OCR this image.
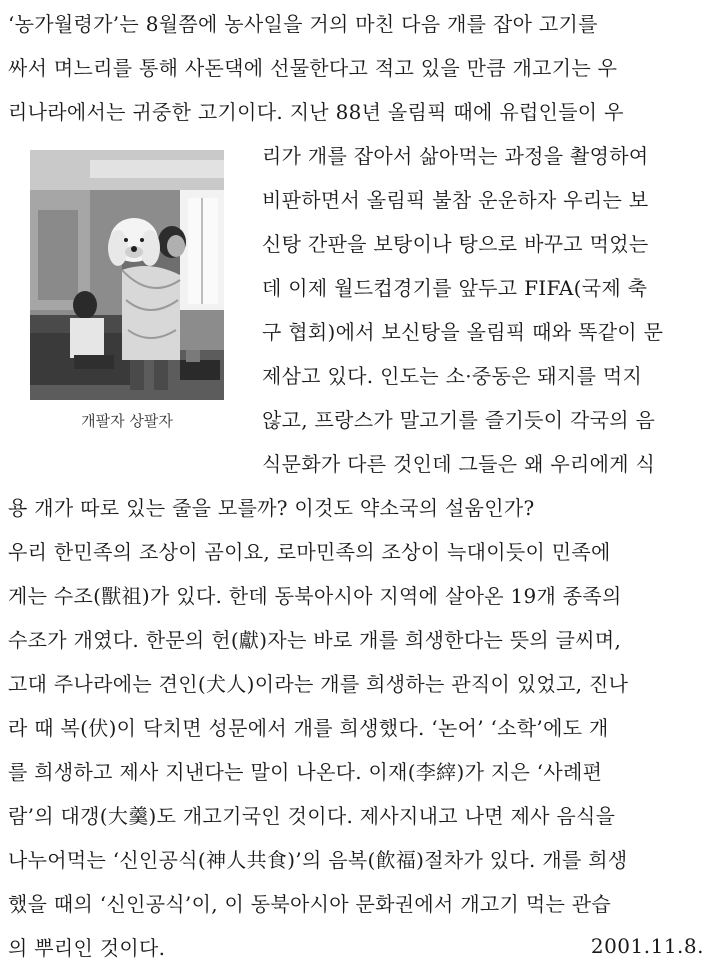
‘농가월령가’는 8월쯤에 농사일을 거의 마친 다음 개를 잡아 고기를
싸서 며느리를 통해 사돈댁에 선물한다고 적고 있을 만큼 개고기는 우
리나라에서는 귀중한 고기이다. 지난 88년 올림픽 때에 유럽인들이 우
리가 개를 잡아서 삶아먹는 과정을 촬영하여
비판하면서 올림픽 불참 운운하자 우리는 보
신탕 간판을 보탕이나 탕으로 바꾸고 먹었는
데 이제 월드컵경기를 앞두고 FIFA(국제 축
구 협회)에서 보신탕을 올림픽 때와 똑같이 문
제삼고 있다. 인도는 소·중동은 돼지를 먹지
않고, 프랑스가 말고기를 즐기듯이 각국의 음
식문화가 다른 것인데 그들은 왜 우리에게 식
용 개가 따로 있는 줄을 모를까? 이것도 약소국의 설움인가?
개팔자 상팔자
우리 한민족의 조상이 곰이요, 로마민족의 조상이 늑대이듯이 민족에
게는 수조(獸祖)가 있다. 한데 동북아시아 지역에 살아온 19개 종족의
수조가 개였다. 한문의 헌(獻)자는 바로 개를 희생한다는 뜻의 글씨며,
고대 주나라에는 견인(犬人)이라는 개를 희생하는 관직이 있었고, 진나
라 때 복(伏)이 닥치면 성문에서 개를 희생했다. ‘논어’ ‘소학’에도 개
를 희생하고 제사 지낸다는 말이 나온다. 이재(李縡)가 지은 ‘사례편
람’의 대갱(大羹)도 개고기국인 것이다. 제사지내고 나면 제사 음식을
나누어먹는 ‘신인공식(神人共食)’의 음복(飮福)절차가 있다. 개를 희생
했을 때의 ‘신인공식’이, 이 동북아시아 문화권에서 개고기 먹는 관습
의 뿌리인 것이다.	2001.11.8.
